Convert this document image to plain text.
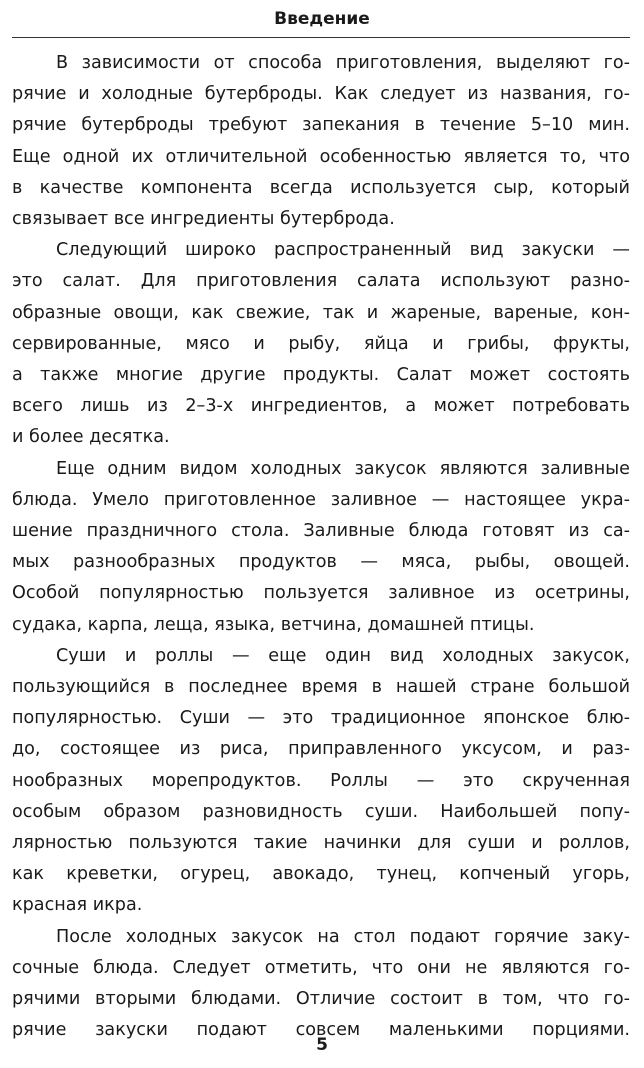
Введение

В зависимости от способа приготовления, выделяют го-
рячие и холодные бутерброды. Как следует из названия, го-
рячие бутерброды требуют запекания в течение 5–10 мин.
Еще одной их отличительной особенностью является то, что
в качестве компонента всегда используется сыр, который
связывает все ингредиенты бутерброда.

Следующий широко распространенный вид закуски —
это салат. Для приготовления салата используют разно-
образные овощи, как свежие, так и жареные, вареные, кон-
сервированные, мясо и рыбу, яйца и грибы, фрукты,
а также многие другие продукты. Салат может состоять
всего лишь из 2–3-х ингредиентов, а может потребовать
и более десятка.

Еще одним видом холодных закусок являются заливные
блюда. Умело приготовленное заливное — настоящее укра-
шение праздничного стола. Заливные блюда готовят из са-
мых разнообразных продуктов — мяса, рыбы, овощей.
Особой популярностью пользуется заливное из осетрины,
судака, карпа, леща, языка, ветчина, домашней птицы.

Суши и роллы — еще один вид холодных закусок,
пользующийся в последнее время в нашей стране большой
популярностью. Суши — это традиционное японское блю-
до, состоящее из риса, приправленного уксусом, и раз-
нообразных морепродуктов. Роллы — это скрученная
особым образом разновидность суши. Наибольшей попу-
лярностью пользуются такие начинки для суши и роллов,
как креветки, огурец, авокадо, тунец, копченый угорь,
красная икра.

После холодных закусок на стол подают горячие заку-
сочные блюда. Следует отметить, что они не являются го-
рячими вторыми блюдами. Отличие состоит в том, что го-
рячие закуски подают совсем маленькими порциями.

5
